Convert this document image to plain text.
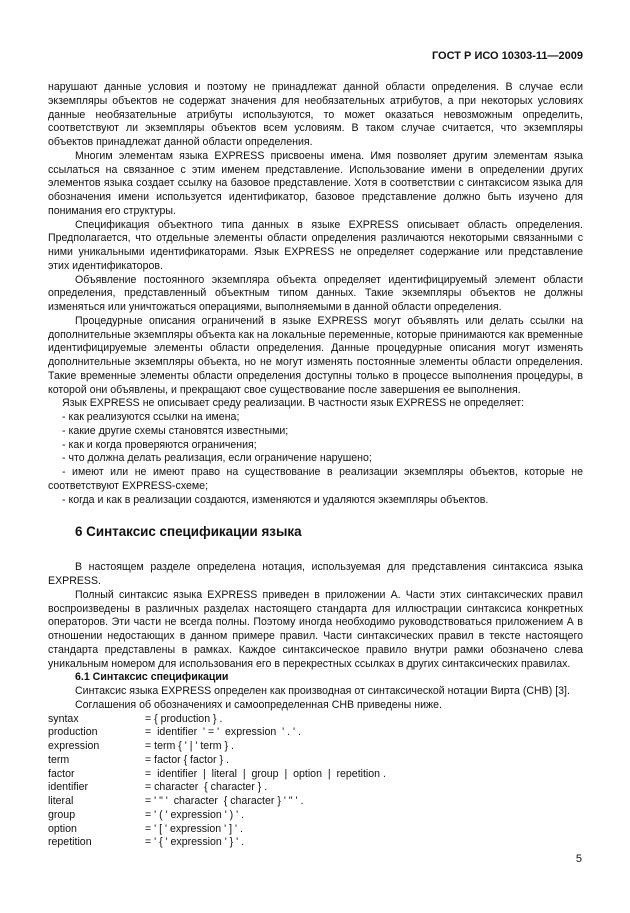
ГОСТ Р ИСО 10303-11—2009

нарушают данные условия и поэтому не принадлежат данной области определения. В случае если экземпляры объектов не содержат значения для необязательных атрибутов, а при некоторых условиях данные необязательные атрибуты используются, то может оказаться невозможным определить, соответствуют ли экземпляры объектов всем условиям. В таком случае считается, что экземпляры объектов принадлежат данной области определения.

Многим элементам языка EXPRESS присвоены имена. Имя позволяет другим элементам языка ссылаться на связанное с этим именем представление. Использование имени в определении других элементов языка создает ссылку на базовое представление. Хотя в соответствии с синтаксисом языка для обозначения имени используется идентификатор, базовое представление должно быть изучено для понимания его структуры.

Спецификация объектного типа данных в языке EXPRESS описывает область определения. Предполагается, что отдельные элементы области определения различаются некоторыми связанными с ними уникальными идентификаторами. Язык EXPRESS не определяет содержание или представление этих идентификаторов.

Объявление постоянного экземпляра объекта определяет идентифицируемый элемент области определения, представленный объектным типом данных. Такие экземпляры объектов не должны изменяться или уничтожаться операциями, выполняемыми в данной области определения.

Процедурные описания ограничений в языке EXPRESS могут объявлять или делать ссылки на дополнительные экземпляры объекта как на локальные переменные, которые принимаются как временные идентифицируемые элементы области определения. Данные процедурные описания могут изменять дополнительные экземпляры объекта, но не могут изменять постоянные элементы области определения. Такие временные элементы области определения доступны только в процессе выполнения процедуры, в которой они объявлены, и прекращают свое существование после завершения ее выполнения.

Язык EXPRESS не описывает среду реализации. В частности язык EXPRESS не определяет:

- как реализуются ссылки на имена;

- какие другие схемы становятся известными;

- как и когда проверяются ограничения;

- что должна делать реализация, если ограничение нарушено;

- имеют или не имеют право на существование в реализации экземпляры объектов, которые не соответствуют EXPRESS-схеме;

- когда и как в реализации создаются, изменяются и удаляются экземпляры объектов.

6 Синтаксис спецификации языка

В настоящем разделе определена нотация, используемая для представления синтаксиса языка EXPRESS.

Полный синтаксис языка EXPRESS приведен в приложении А. Части этих синтаксических правил воспроизведены в различных разделах настоящего стандарта для иллюстрации синтаксиса конкретных операторов. Эти части не всегда полны. Поэтому иногда необходимо руководствоваться приложением А в отношении недостающих в данном примере правил. Части синтаксических правил в тексте настоящего стандарта представлены в рамках. Каждое синтаксическое правило внутри рамки обозначено слева уникальным номером для использования его в перекрестных ссылках в других синтаксических правилах.

6.1 Синтаксис спецификации

Синтаксис языка EXPRESS определен как производная от синтаксической нотации Вирта (СНВ) [3].

Соглашения об обозначениях и самоопределенная СНВ приведены ниже.

syntax	= { production } .
production	=  identifier  ' = '  expression  ' . ' .
expression	= term { ' | ' term } .
term	= factor { factor } .
factor	=  identifier  |  literal  |  group  |  option  |  repetition .
identifier	= character  { character } .
literal	= ' " '  character  { character } ' " ' .
group	= ' ( ' expression ' ) ' .
option	= ' [ ' expression ' ] ' .
repetition	= ' { ' expression ' } ' .
5
